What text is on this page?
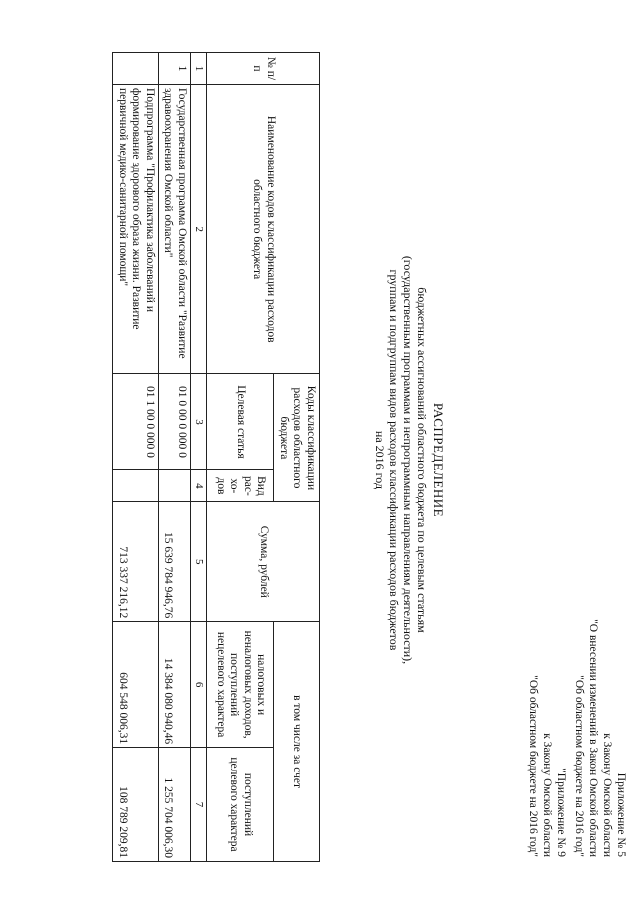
Приложение № 5
к Закону Омской области
"О внесении изменений в Закон Омской области
"Об областном бюджете на 2016 год"
"Приложение № 9
к Закону Омской области
"Об областном бюджете на 2016 год"
РАСПРЕДЕЛЕНИЕ
бюджетных ассигнований областного бюджета по целевым статьям
(государственным программам и непрограммным направлениям деятельности),
группам и подгруппам видов расходов классификации расходов бюджетов
на 2016 год
№ п/п	Наименование кодов классификации расходов областного бюджета	Коды классификации расходов областного бюджета		Сумма, рублей	в том числе за счет	
		Целевая статья	Вид рас-хо-дов		налоговых и неналоговых доходов, поступлений нецелевого характера	поступлений целевого характера

1	2	3	4	5	6	7
1	Государственная программа Омской области "Развитие здравоохранения Омской области"	01 0 00 0 000 0		15 639 784 946,76	14 384 080 940,46	1 255 704 006,30
	Подпрограмма "Профилактика заболеваний и формирование здорового образа жизни. Развитие первичной медико-санитарной помощи"	01 1 00 0 000 0		713 337 216,12	604 548 006,31	108 789 209,81
